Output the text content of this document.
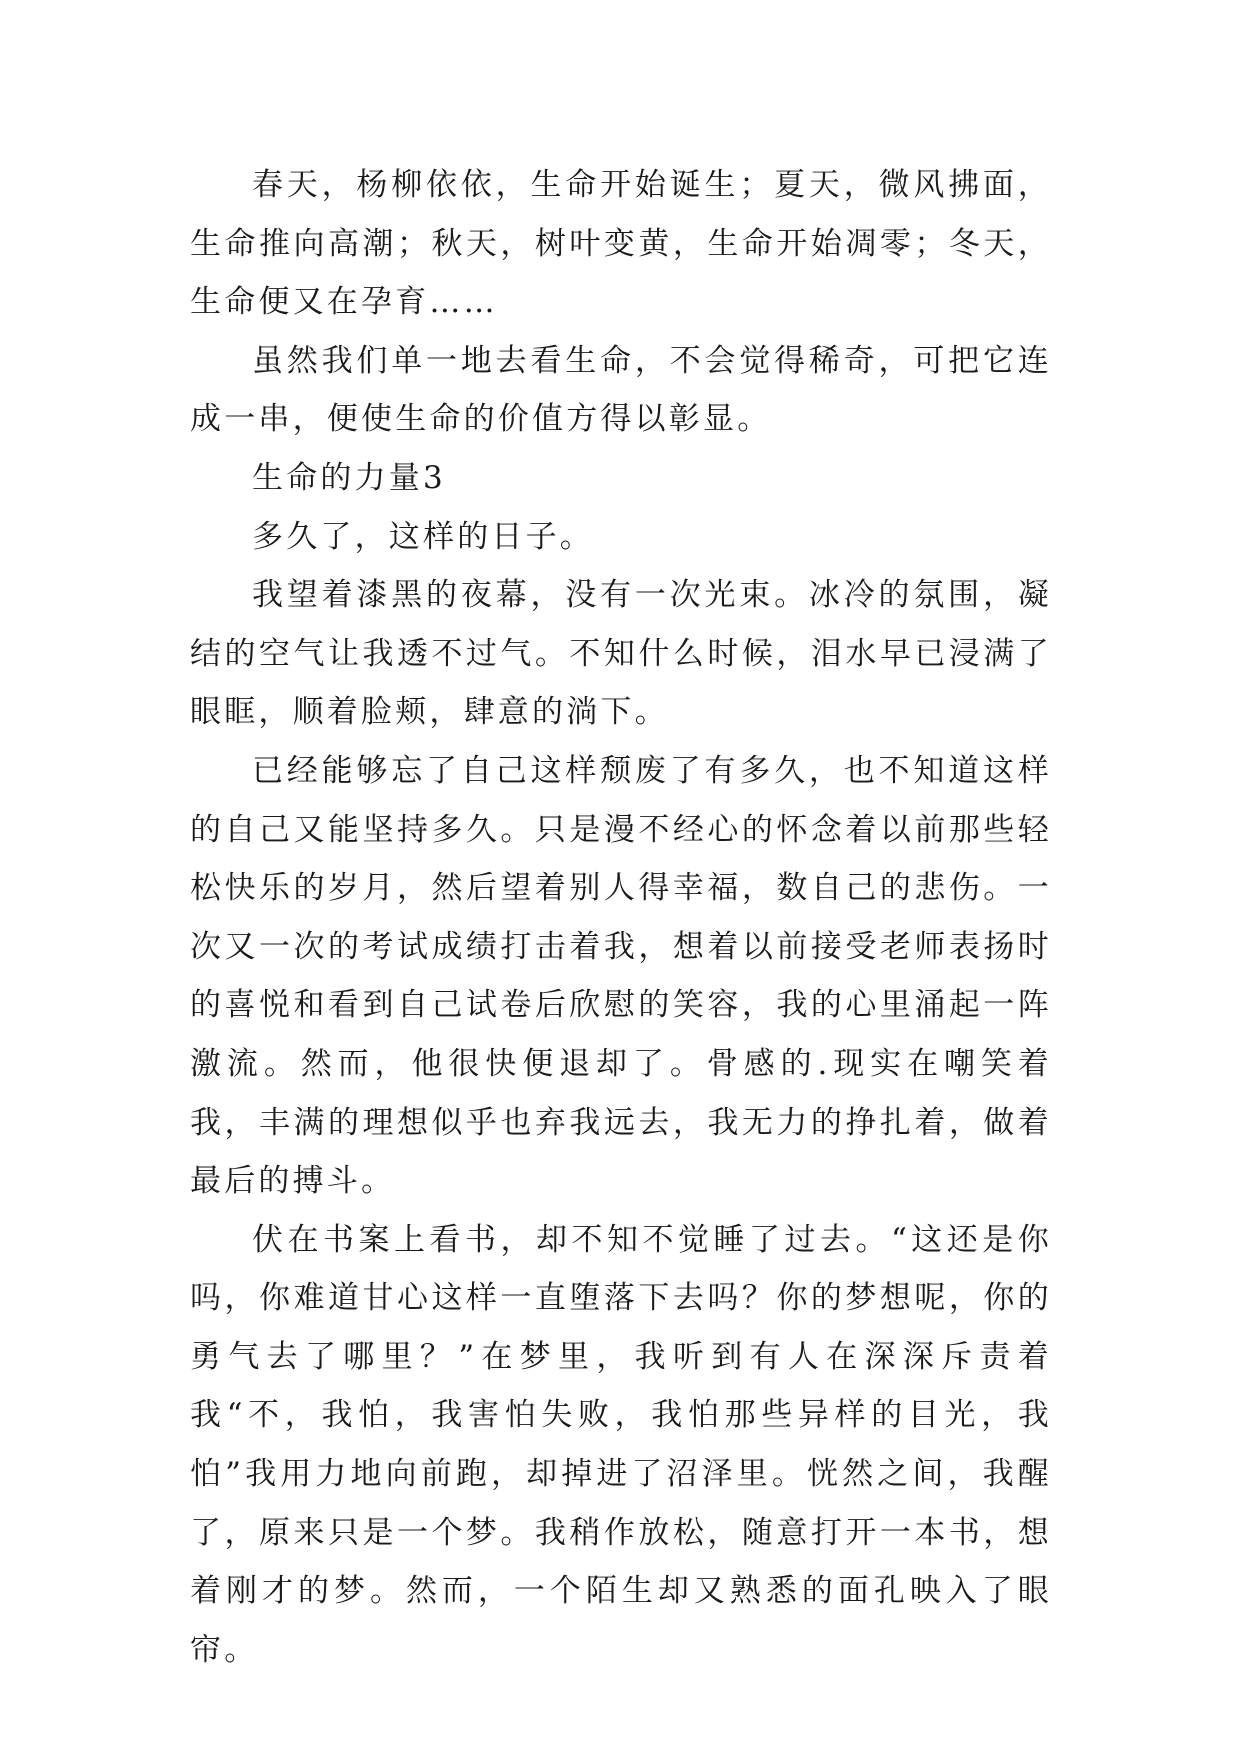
春天，杨柳依依，生命开始诞生；夏天，微风拂面，生命推向高潮；秋天，树叶变黄，生命开始凋零；冬天，生命便又在孕育……

虽然我们单一地去看生命，不会觉得稀奇，可把它连成一串，便使生命的价值方得以彰显。

生命的力量3

多久了，这样的日子。

我望着漆黑的夜幕，没有一次光束。冰冷的氛围，凝结的空气让我透不过气。不知什么时候，泪水早已浸满了眼眶，顺着脸颊，肆意的淌下。

已经能够忘了自己这样颓废了有多久，也不知道这样的自己又能坚持多久。只是漫不经心的怀念着以前那些轻松快乐的岁月，然后望着别人得幸福，数自己的悲伤。一次又一次的考试成绩打击着我，想着以前接受老师表扬时的喜悦和看到自己试卷后欣慰的笑容，我的心里涌起一阵激流。然而，他很快便退却了。骨感的.现实在嘲笑着我，丰满的理想似乎也弃我远去，我无力的挣扎着，做着最后的搏斗。

伏在书案上看书，却不知不觉睡了过去。“这还是你吗，你难道甘心这样一直堕落下去吗？你的梦想呢，你的勇气去了哪里？”在梦里，我听到有人在深深斥责着我“不，我怕，我害怕失败，我怕那些异样的目光，我怕”我用力地向前跑，却掉进了沼泽里。恍然之间，我醒了，原来只是一个梦。我稍作放松，随意打开一本书，想着刚才的梦。然而，一个陌生却又熟悉的面孔映入了眼帘。
